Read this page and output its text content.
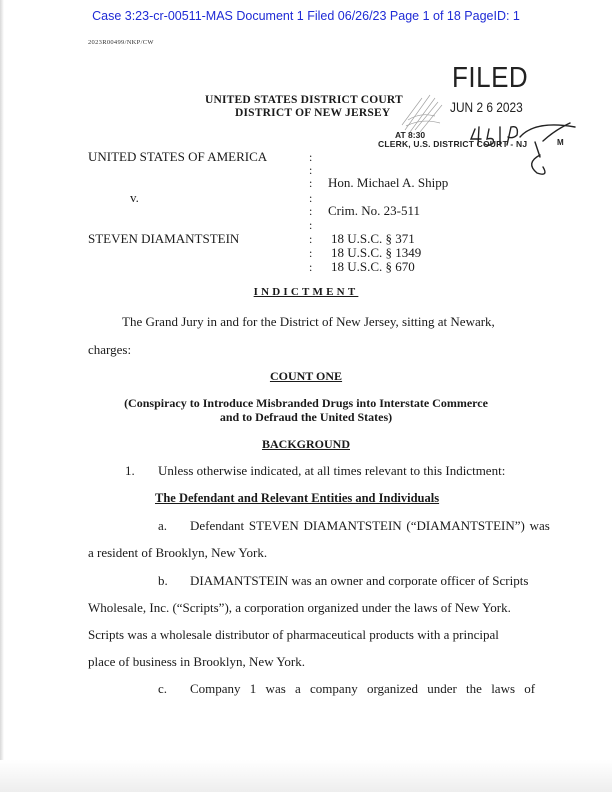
Case 3:23-cr-00511-MAS Document 1 Filed 06/26/23 Page 1 of 18 PageID: 1
2023R00499/NKP/CW
UNITED STATES DISTRICT COURT
DISTRICT OF NEW JERSEY
FILED
JUN 2 6 2023
AT 8:30
CLERK, U.S. DISTRICT COURT - NJ	M
UNITED STATES OF AMERICA
v.
STEVEN DIAMANTSTEIN
:
:
:
:
:
:
:
:
:
Hon. Michael A. Shipp
Crim. No. 23-511
18 U.S.C. § 371
18 U.S.C. § 1349
18 U.S.C. § 670
INDICTMENT
The Grand Jury in and for the District of New Jersey, sitting at Newark,
charges:
COUNT ONE
(Conspiracy to Introduce Misbranded Drugs into Interstate Commerce
and to Defraud the United States)
BACKGROUND
1. Unless otherwise indicated, at all times relevant to this Indictment:
The Defendant and Relevant Entities and Individuals
a. Defendant STEVEN DIAMANTSTEIN (“DIAMANTSTEIN”) was
a resident of Brooklyn, New York.
b. DIAMANTSTEIN was an owner and corporate officer of Scripts
Wholesale, Inc. (“Scripts”), a corporation organized under the laws of New York.
Scripts was a wholesale distributor of pharmaceutical products with a principal
place of business in Brooklyn, New York.
c. Company 1 was a company organized under the laws of
